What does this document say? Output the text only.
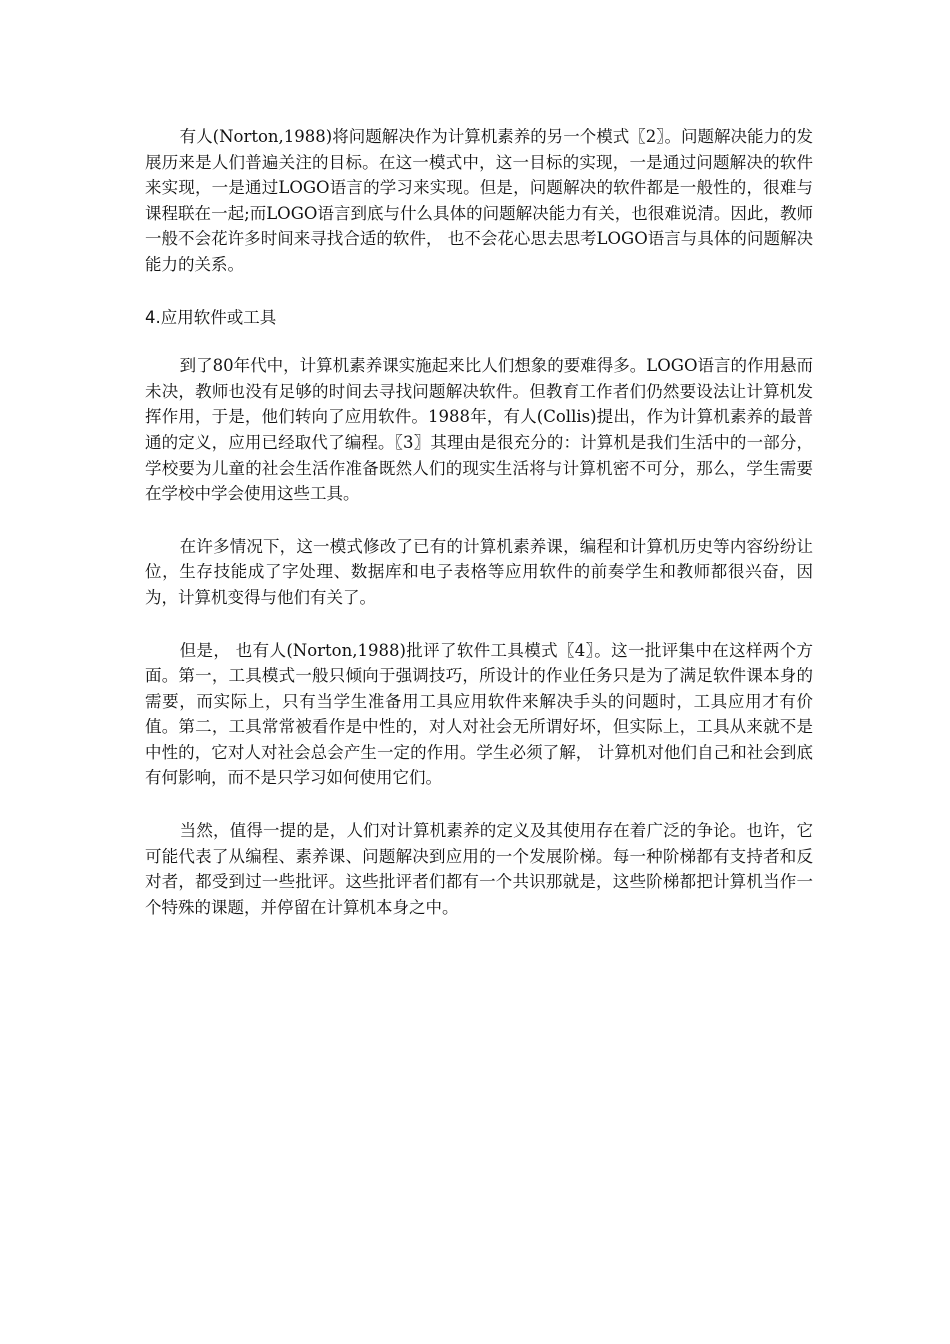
有人(Norton,1988)将问题解决作为计算机素养的另一个模式〖2〗。问题解决能力的发展历来是人们普遍关注的目标。在这一模式中，这一目标的实现，一是通过问题解决的软件来实现，一是通过LOGO语言的学习来实现。但是，问题解决的软件都是一般性的，很难与课程联在一起;而LOGO语言到底与什么具体的问题解决能力有关，也很难说清。因此，教师一般不会花许多时间来寻找合适的软件， 也不会花心思去思考LOGO语言与具体的问题解决能力的关系。

4.应用软件或工具

到了80年代中，计算机素养课实施起来比人们想象的要难得多。LOGO语言的作用悬而未决，教师也没有足够的时间去寻找问题解决软件。但教育工作者们仍然要设法让计算机发挥作用，于是，他们转向了应用软件。1988年，有人(Collis)提出，作为计算机素养的最普通的定义，应用已经取代了编程。〖3〗其理由是很充分的：计算机是我们生活中的一部分，学校要为儿童的社会生活作准备既然人们的现实生活将与计算机密不可分，那么，学生需要在学校中学会使用这些工具。

在许多情况下，这一模式修改了已有的计算机素养课，编程和计算机历史等内容纷纷让位，生存技能成了字处理、数据库和电子表格等应用软件的前奏学生和教师都很兴奋，因为，计算机变得与他们有关了。

但是， 也有人(Norton,1988)批评了软件工具模式〖4〗。这一批评集中在这样两个方面。第一，工具模式一般只倾向于强调技巧，所设计的作业任务只是为了满足软件课本身的需要，而实际上，只有当学生准备用工具应用软件来解决手头的问题时，工具应用才有价值。第二，工具常常被看作是中性的，对人对社会无所谓好坏，但实际上，工具从来就不是中性的，它对人对社会总会产生一定的作用。学生必须了解， 计算机对他们自己和社会到底有何影响，而不是只学习如何使用它们。

当然，值得一提的是，人们对计算机素养的定义及其使用存在着广泛的争论。也许，它可能代表了从编程、素养课、问题解决到应用的一个发展阶梯。每一种阶梯都有支持者和反对者，都受到过一些批评。这些批评者们都有一个共识那就是，这些阶梯都把计算机当作一个特殊的课题，并停留在计算机本身之中。
